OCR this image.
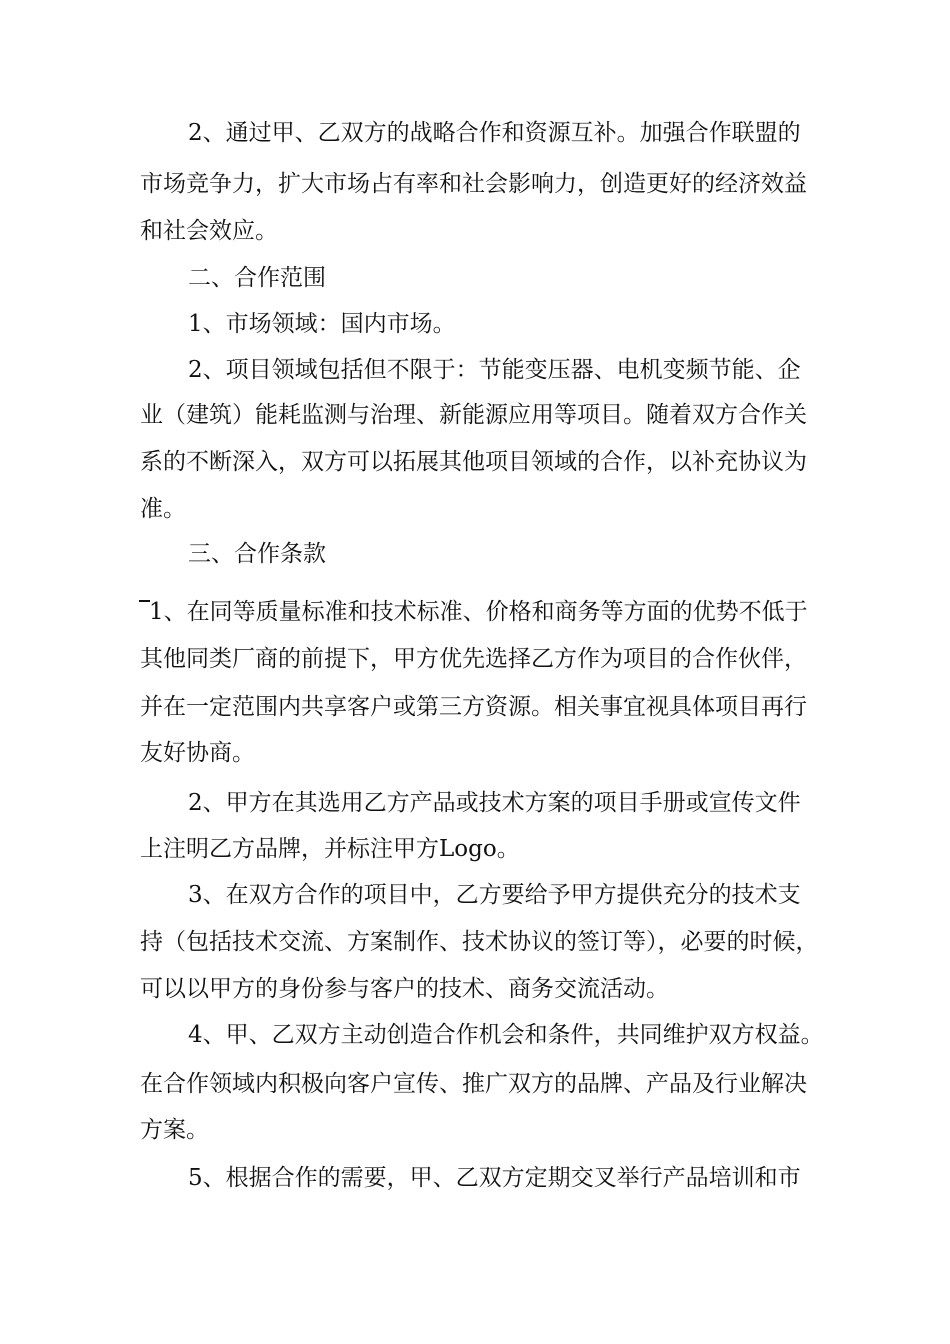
2、通过甲、乙双方的战略合作和资源互补。加强合作联盟的
市场竞争力，扩大市场占有率和社会影响力，创造更好的经济效益
和社会效应。
二、合作范围
1、市场领域：国内市场。
2、项目领域包括但不限于：节能变压器、电机变频节能、企
业（建筑）能耗监测与治理、新能源应用等项目。随着双方合作关
系的不断深入，双方可以拓展其他项目领域的合作，以补充协议为
准。
三、合作条款
1、在同等质量标准和技术标准、价格和商务等方面的优势不低于
其他同类厂商的前提下，甲方优先选择乙方作为项目的合作伙伴，
并在一定范围内共享客户或第三方资源。相关事宜视具体项目再行
友好协商。
2、甲方在其选用乙方产品或技术方案的项目手册或宣传文件
上注明乙方品牌，并标注甲方Logo。
3、在双方合作的项目中，乙方要给予甲方提供充分的技术支
持（包括技术交流、方案制作、技术协议的签订等），必要的时候，
可以以甲方的身份参与客户的技术、商务交流活动。
4、甲、乙双方主动创造合作机会和条件，共同维护双方权益。
在合作领域内积极向客户宣传、推广双方的品牌、产品及行业解决
方案。
5、根据合作的需要，甲、乙双方定期交叉举行产品培训和市
